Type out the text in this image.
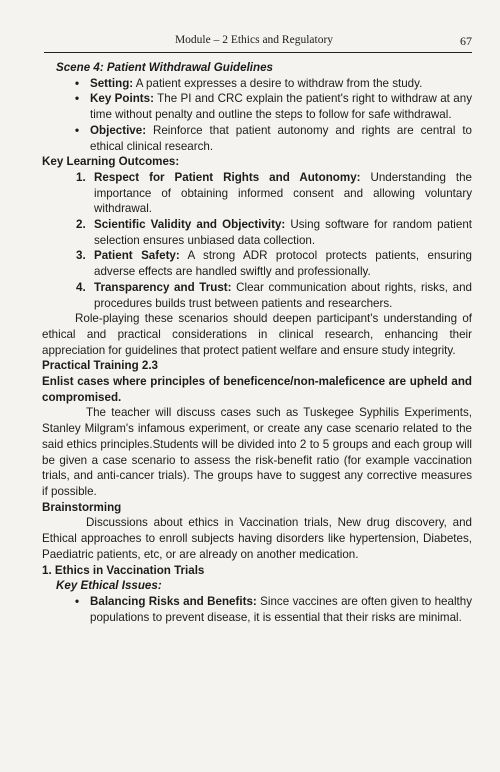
Module – 2 Ethics and Regulatory	67

Scene 4: Patient Withdrawal Guidelines

• Setting: A patient expresses a desire to withdraw from the study.

• Key Points: The PI and CRC explain the patient's right to withdraw at any time without penalty and outline the steps to follow for safe withdrawal.

• Objective: Reinforce that patient autonomy and rights are central to ethical clinical research.

Key Learning Outcomes:

1. Respect for Patient Rights and Autonomy: Understanding the importance of obtaining informed consent and allowing voluntary withdrawal.

2. Scientific Validity and Objectivity: Using software for random patient selection ensures unbiased data collection.

3. Patient Safety: A strong ADR protocol protects patients, ensuring adverse effects are handled swiftly and professionally.

4. Transparency and Trust: Clear communication about rights, risks, and procedures builds trust between patients and researchers.

Role-playing these scenarios should deepen participant's understanding of ethical and practical considerations in clinical research, enhancing their appreciation for guidelines that protect patient welfare and ensure study integrity.

Practical Training 2.3

Enlist cases where principles of beneficence/non-maleficence are upheld and compromised.

The teacher will discuss cases such as Tuskegee Syphilis Experiments, Stanley Milgram's infamous experiment, or create any case scenario related to the said ethics principles.Students will be divided into 2 to 5 groups and each group will be given a case scenario to assess the risk-benefit ratio (for example vaccination trials, and anti-cancer trials). The groups have to suggest any corrective measures if possible.

Brainstorming

Discussions about ethics in Vaccination trials, New drug discovery, and Ethical approaches to enroll subjects having disorders like hypertension, Diabetes, Paediatric patients, etc, or are already on another medication.

1. Ethics in Vaccination Trials

Key Ethical Issues:

• Balancing Risks and Benefits: Since vaccines are often given to healthy populations to prevent disease, it is essential that their risks are minimal.
